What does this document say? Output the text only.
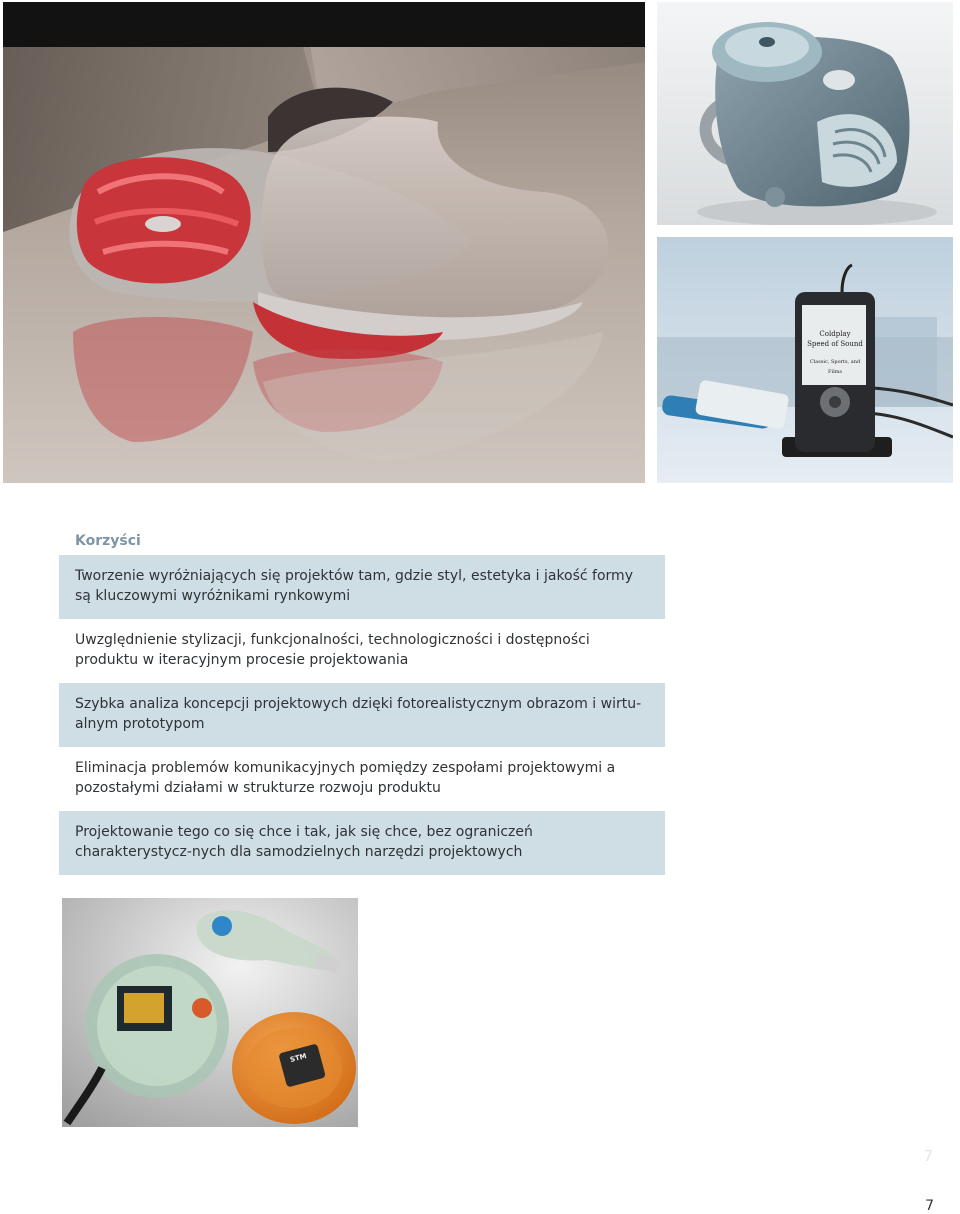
Coldplay
Speed of Sound
Classic, Sports, and Films
Korzyści
Tworzenie wyróżniających się projektów tam, gdzie styl, estetyka i jakość formy są kluczowymi wyróżnikami rynkowymi
Uwzględnienie stylizacji, funkcjonalności, technologiczności i dostępności produktu w iteracyjnym procesie projektowania
Szybka analiza koncepcji projektowych dzięki fotorealistycznym obrazom i wirtu-alnym prototypom
Eliminacja problemów komunikacyjnych pomiędzy zespołami projektowymi a pozostałymi działami w strukturze rozwoju produktu
Projektowanie tego co się chce i tak, jak się chce, bez ograniczeń charakterystycz-nych dla samodzielnych narzędzi projektowych
STM
7
7
